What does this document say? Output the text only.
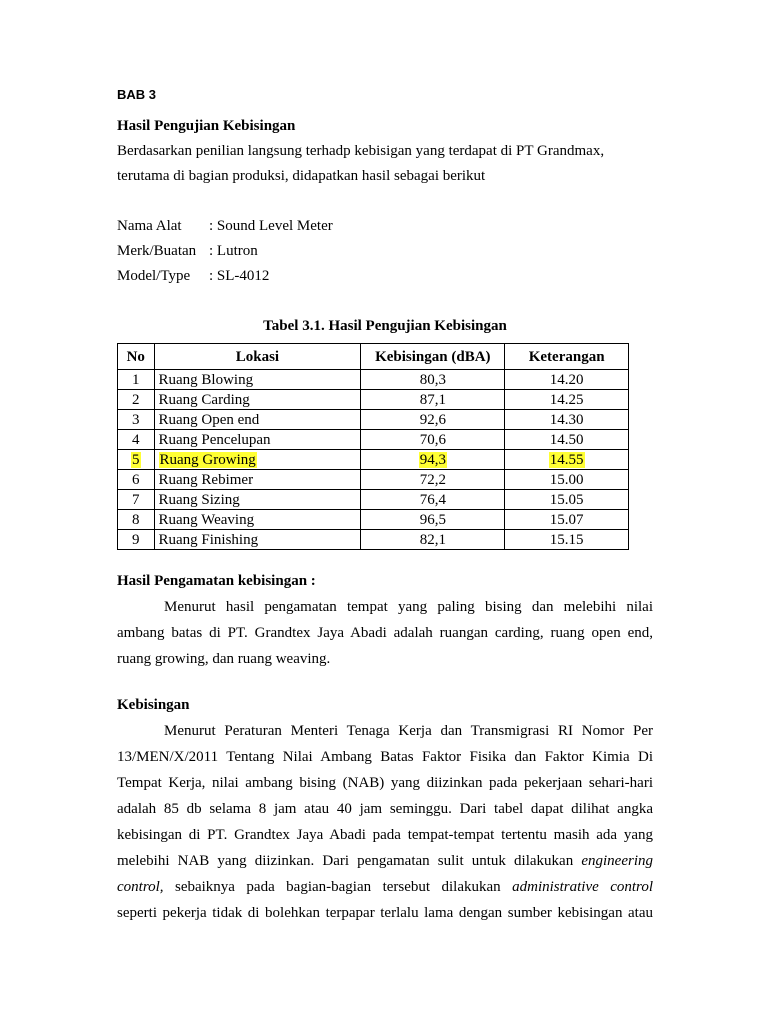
BAB 3
Hasil Pengujian Kebisingan
Berdasarkan penilian langsung terhadp kebisigan yang terdapat di PT Grandmax,
terutama di bagian produksi, didapatkan hasil sebagai berikut
Nama Alat : Sound Level Meter
Merk/Buatan : Lutron
Model/Type : SL-4012
Tabel 3.1. Hasil Pengujian Kebisingan
No	Lokasi	Kebisingan (dBA)	Keterangan
1	Ruang Blowing	80,3	14.20
2	Ruang Carding	87,1	14.25
3	Ruang Open end	92,6	14.30
4	Ruang Pencelupan	70,6	14.50
5	Ruang Growing	94,3	14.55
6	Ruang Rebimer	72,2	15.00
7	Ruang Sizing	76,4	15.05
8	Ruang Weaving	96,5	15.07
9	Ruang Finishing	82,1	15.15
Hasil Pengamatan kebisingan :
Menurut hasil pengamatan tempat yang paling bising dan melebihi nilai
ambang batas di PT. Grandtex Jaya Abadi adalah ruangan carding, ruang open end,
ruang growing, dan ruang weaving.
Kebisingan
Menurut Peraturan Menteri Tenaga Kerja dan Transmigrasi RI Nomor Per
13/MEN/X/2011 Tentang Nilai Ambang Batas Faktor Fisika dan Faktor Kimia Di
Tempat Kerja, nilai ambang bising (NAB) yang diizinkan pada pekerjaan sehari-hari
adalah 85 db selama 8 jam atau 40 jam seminggu. Dari tabel dapat dilihat angka
kebisingan di PT. Grandtex Jaya Abadi pada tempat-tempat tertentu masih ada yang
melebihi NAB yang diizinkan. Dari pengamatan sulit untuk dilakukan engineering
control, sebaiknya pada bagian-bagian tersebut dilakukan administrative control
seperti pekerja tidak di bolehkan terpapar terlalu lama dengan sumber kebisingan atau
